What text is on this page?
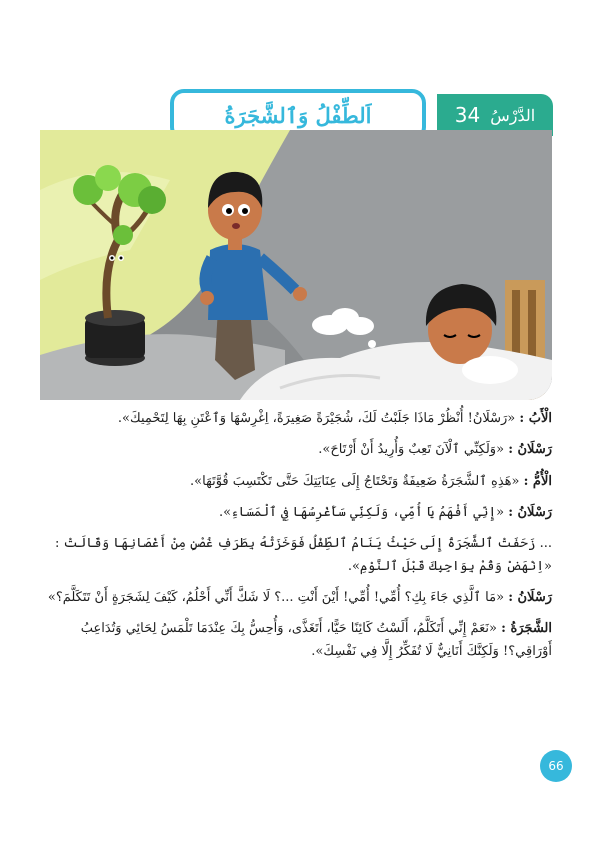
الدَّرْسُ
34
اَلطِّفْلُ وَٱلشَّجَرَةُ

الْأَبُ : «رَسْلَانُ! أُنْظُرْ مَاذَا جَلَبْتُ لَكَ، شُجَيْرَةً صَغِيرَةً، اِغْرِسْهَا وَٱعْتَنِ بِهَا لِتَحْمِيكَ».

رَسْلَانُ : «وَلَكِنِّي ٱلْآنَ تَعِبٌ وَأُرِيدُ أَنْ أَرْتَاحَ».

الْأُمُّ : «هَذِهِ ٱلشَّجَرَةُ ضَعِيفَةٌ وَتَحْتَاجُ إِلَى عِنَايَتِكَ حَتَّى تَكْتَسِبَ قُوَّتَهَا».

رَسْلَانُ : «إِنِّي أَفْهَمُ يَا أُمِّي، وَلَكِنِّي سَأَغْرِسُهَا فِي ٱلْمَسَاءِ».

... زَحَفَتْ ٱلشَّجَرَةُ إِلَى حَيْثُ يَنَامُ ٱلطِّفْلُ فَوَخَزَتْهُ بِطَرَفِ غُصْنٍ مِنْ أَغْصَانِهَا وَقَالَتْ : «اِنْهَضْ وَقُمْ بِوَاجِبِكَ قَبْلَ ٱلنَّوْمِ».

رَسْلَانُ : «مَا ٱلَّذِي جَاءَ بِكِ؟ أُمِّي! أُمِّي! أَيْنَ أَنْتِ ...؟ لَا شَكَّ أَنِّي أَحْلُمُ، كَيْفَ لِشَجَرَةٍ أَنْ تَتَكَلَّمَ؟»

الشَّجَرَةُ : «نَعَمْ إِنِّي أَتَكَلَّمُ، أَلَسْتُ كَائِنًا حَيًّا، أَتَغَذَّى، وَأُحِسُّ بِكَ عِنْدَمَا تَلْمَسُ لِحَائِي وَتُدَاعِبُ أَوْرَاقِي؟! وَلَكِنَّكَ أَنَانِيٌّ لَا تُفَكِّرُ إِلَّا فِي نَفْسِكَ».

66
